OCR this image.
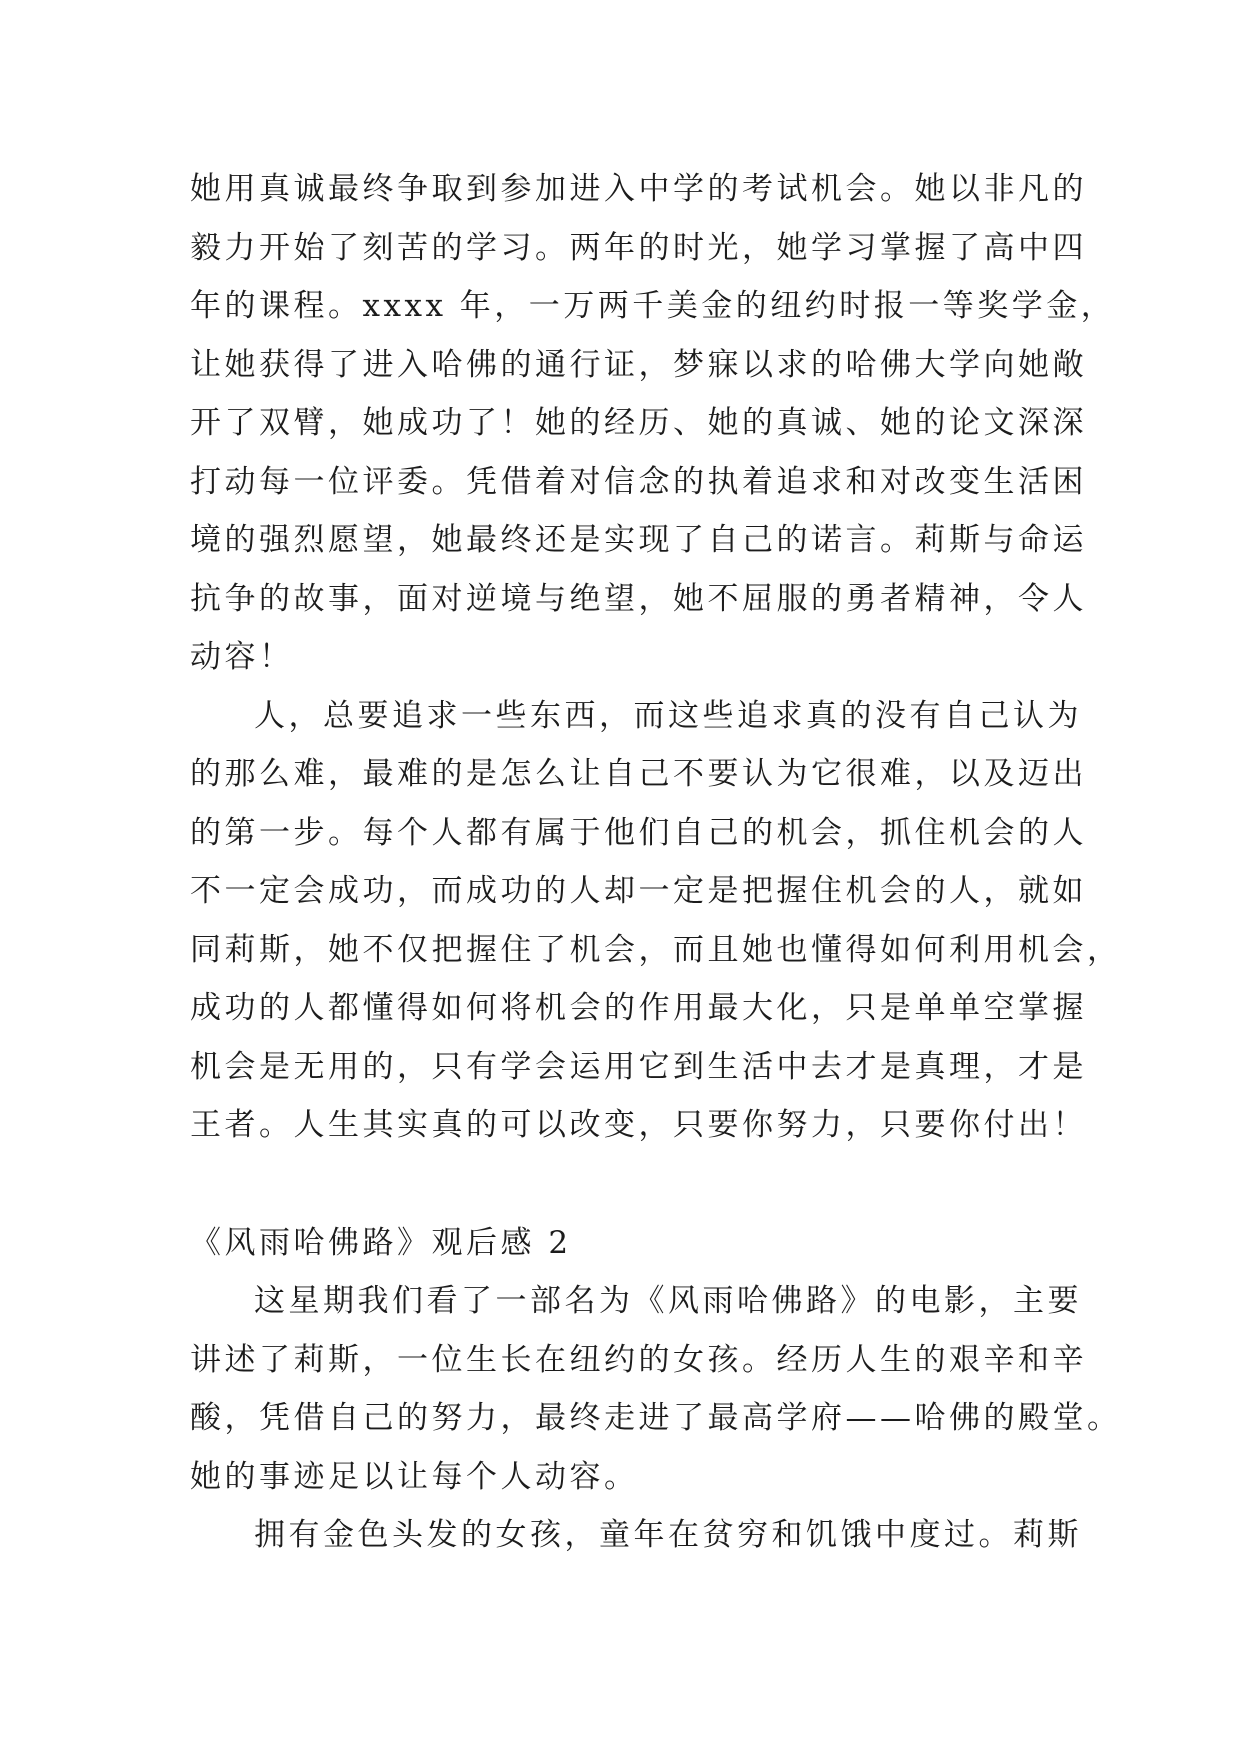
她用真诚最终争取到参加进入中学的考试机会。她以非凡的
毅力开始了刻苦的学习。两年的时光，她学习掌握了高中四
年的课程。xxxx 年，一万两千美金的纽约时报一等奖学金，
让她获得了进入哈佛的通行证，梦寐以求的哈佛大学向她敞
开了双臂，她成功了！她的经历、她的真诚、她的论文深深
打动每一位评委。凭借着对信念的执着追求和对改变生活困
境的强烈愿望，她最终还是实现了自己的诺言。莉斯与命运
抗争的故事，面对逆境与绝望，她不屈服的勇者精神，令人
动容！
人，总要追求一些东西，而这些追求真的没有自己认为
的那么难，最难的是怎么让自己不要认为它很难，以及迈出
的第一步。每个人都有属于他们自己的机会，抓住机会的人
不一定会成功，而成功的人却一定是把握住机会的人，就如
同莉斯，她不仅把握住了机会，而且她也懂得如何利用机会，
成功的人都懂得如何将机会的作用最大化，只是单单空掌握
机会是无用的，只有学会运用它到生活中去才是真理，才是
王者。人生其实真的可以改变，只要你努力，只要你付出！
《风雨哈佛路》观后感 2
这星期我们看了一部名为《风雨哈佛路》的电影，主要
讲述了莉斯，一位生长在纽约的女孩。经历人生的艰辛和辛
酸，凭借自己的努力，最终走进了最高学府——哈佛的殿堂。
她的事迹足以让每个人动容。
拥有金色头发的女孩，童年在贫穷和饥饿中度过。莉斯
